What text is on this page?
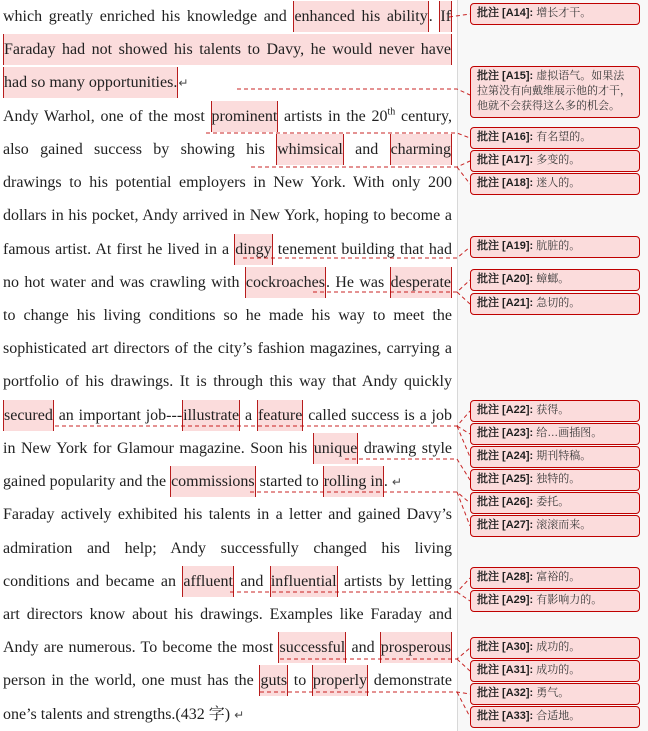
which greatly enriched his knowledge and enhanced his ability. If
Faraday had not showed his talents to Davy, he would never have
had so many opportunities.↵
Andy Warhol, one of the most prominent artists in the 20th century,
also gained success by showing his whimsical and charming
drawings to his potential employers in New York. With only 200
dollars in his pocket, Andy arrived in New York, hoping to become a
famous artist. At first he lived in a dingy tenement building that had
no hot water and was crawling with cockroaches. He was desperate
to change his living conditions so he made his way to meet the
sophisticated art directors of the city’s fashion magazines, carrying a
portfolio of his drawings. It is through this way that Andy quickly
secured an important job---illustrate a feature called success is a job
in New York for Glamour magazine. Soon his unique drawing style
gained popularity and the commissions started to rolling in. ↵
Faraday actively exhibited his talents in a letter and gained Davy’s
admiration and help; Andy successfully changed his living
conditions and became an affluent and influential artists by letting
art directors know about his drawings. Examples like Faraday and
Andy are numerous. To become the most successful and prosperous
person in the world, one must has the guts to properly demonstrate
one’s talents and strengths.(432 字) ↵
批注 [A14]: 增长才干。
批注 [A15]: 虚拟语气。如果法拉第没有向戴维展示他的才干，他就不会获得这么多的机会。
批注 [A16]: 有名望的。
批注 [A17]: 多变的。
批注 [A18]: 迷人的。
批注 [A19]: 肮脏的。
批注 [A20]: 蟑螂。
批注 [A21]: 急切的。
批注 [A22]: 获得。
批注 [A23]: 给…画插图。
批注 [A24]: 期刊特稿。
批注 [A25]: 独特的。
批注 [A26]: 委托。
批注 [A27]: 滚滚而来。
批注 [A28]: 富裕的。
批注 [A29]: 有影响力的。
批注 [A30]: 成功的。
批注 [A31]: 成功的。
批注 [A32]: 勇气。
批注 [A33]: 合适地。
